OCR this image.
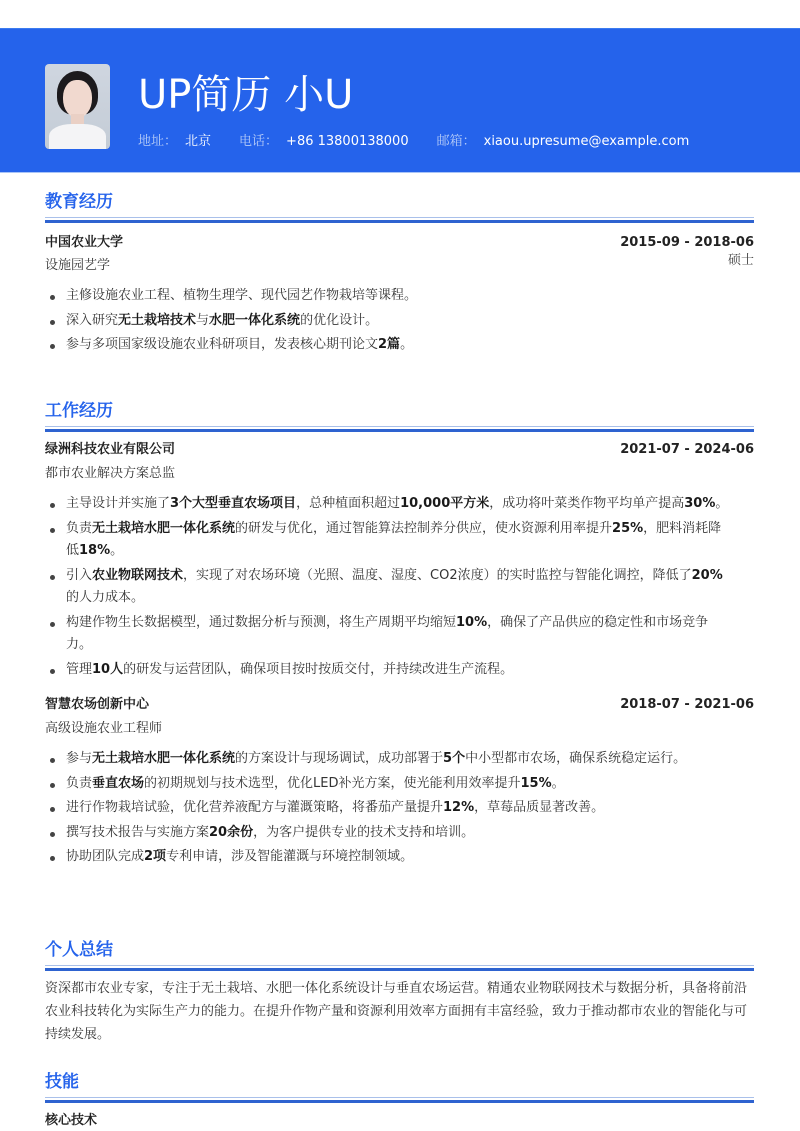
UP简历 小U
地址： 北京 电话： +86 13800138000 邮箱： xiaou.upresume@example.com
教育经历
中国农业大学	2015-09 - 2018-06
设施园艺学	硕士
主修设施农业工程、植物生理学、现代园艺作物栽培等课程。
深入研究无土栽培技术与水肥一体化系统的优化设计。
参与多项国家级设施农业科研项目，发表核心期刊论文2篇。
工作经历
绿洲科技农业有限公司	2021-07 - 2024-06
都市农业解决方案总监
主导设计并实施了3个大型垂直农场项目，总种植面积超过10,000平方米，成功将叶菜类作物平均单产提高30%。
负责无土栽培水肥一体化系统的研发与优化，通过智能算法控制养分供应，使水资源利用率提升25%，肥料消耗降低18%。
引入农业物联网技术，实现了对农场环境（光照、温度、湿度、CO2浓度）的实时监控与智能化调控，降低了20%的人力成本。
构建作物生长数据模型，通过数据分析与预测，将生产周期平均缩短10%，确保了产品供应的稳定性和市场竞争力。
管理10人的研发与运营团队，确保项目按时按质交付，并持续改进生产流程。
智慧农场创新中心	2018-07 - 2021-06
高级设施农业工程师
参与无土栽培水肥一体化系统的方案设计与现场调试，成功部署于5个中小型都市农场，确保系统稳定运行。
负责垂直农场的初期规划与技术选型，优化LED补光方案，使光能利用效率提升15%。
进行作物栽培试验，优化营养液配方与灌溉策略，将番茄产量提升12%，草莓品质显著改善。
撰写技术报告与实施方案20余份，为客户提供专业的技术支持和培训。
协助团队完成2项专利申请，涉及智能灌溉与环境控制领域。
个人总结
资深都市农业专家，专注于无土栽培、水肥一体化系统设计与垂直农场运营。精通农业物联网技术与数据分析，具备将前沿农业科技转化为实际生产力的能力。在提升作物产量和资源利用效率方面拥有丰富经验，致力于推动都市农业的智能化与可持续发展。
技能
核心技术
